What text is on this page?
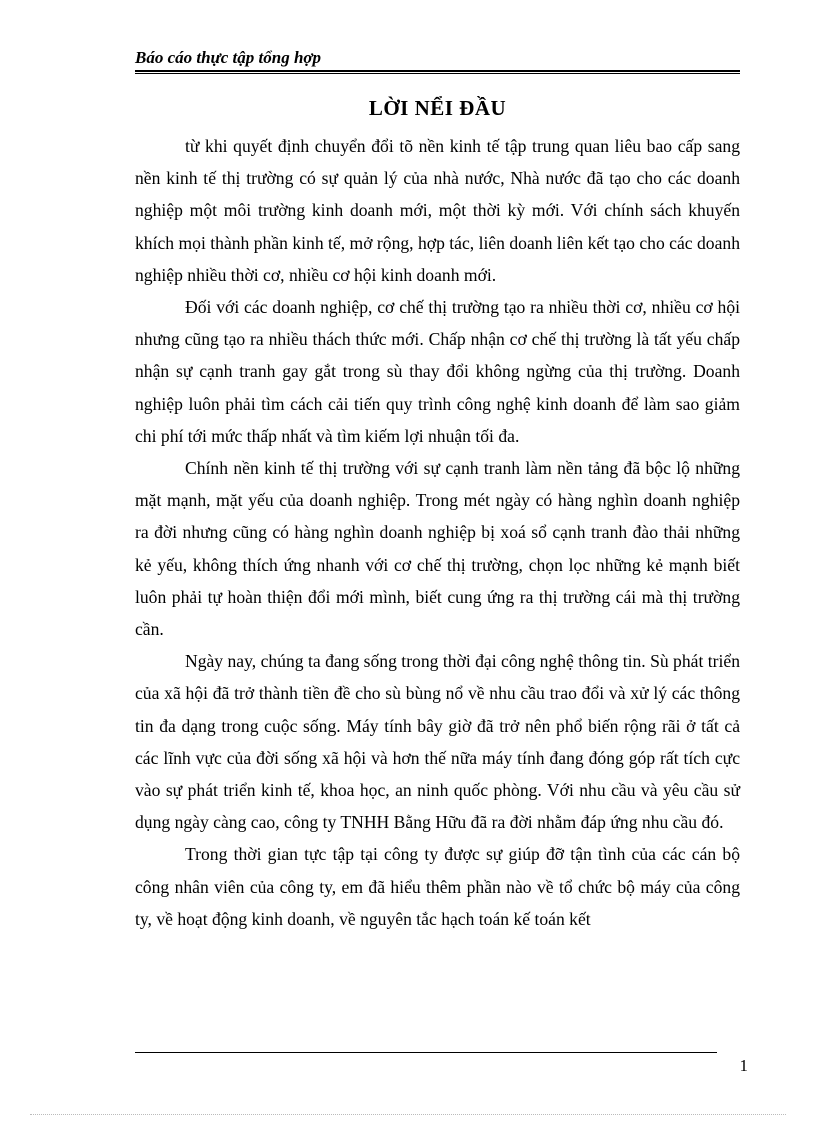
Báo cáo thực tập tổng hợp
LỜI NỂI ĐẦU

từ khi quyết định chuyển đổi tõ nền kinh tế tập trung quan liêu bao cấp sang nền kinh tế thị trường có sự quản lý của nhà nước, Nhà nước đã tạo cho các doanh nghiệp một môi trường kinh doanh mới, một thời kỳ mới. Với chính sách khuyến khích mọi thành phần kinh tế, mở rộng, hợp tác, liên doanh liên kết tạo cho các doanh nghiệp nhiều thời cơ, nhiều cơ hội kinh doanh mới.

Đối với các doanh nghiệp, cơ chế thị trường tạo ra nhiều thời cơ, nhiều cơ hội nhưng cũng tạo ra nhiều thách thức mới. Chấp nhận cơ chế thị trường là tất yếu chấp nhận sự cạnh tranh gay gắt trong sù thay đổi không ngừng của thị trường. Doanh nghiệp luôn phải tìm cách cải tiến quy trình công nghệ kinh doanh để làm sao giảm chi phí tới mức thấp nhất và tìm kiếm lợi nhuận tối đa.

Chính nền kinh tế thị trường với sự cạnh tranh làm nền tảng đã bộc lộ những mặt mạnh, mặt yếu của doanh nghiệp. Trong mét ngày có hàng nghìn doanh nghiệp ra đời nhưng cũng có hàng nghìn doanh nghiệp bị xoá sổ cạnh tranh đào thải những kẻ yếu, không thích ứng nhanh với cơ chế thị trường, chọn lọc những kẻ mạnh biết luôn phải tự hoàn thiện đổi mới mình, biết cung ứng ra thị trường cái mà thị trường cần.

Ngày nay, chúng ta đang sống trong thời đại công nghệ thông tin. Sù phát triển của xã hội đã trở thành tiền đề cho sù bùng nổ về nhu cầu trao đổi và xử lý các thông tin đa dạng trong cuộc sống. Máy tính bây giờ đã trở nên phổ biến rộng rãi ở tất cả các lĩnh vực của đời sống xã hội và hơn thế nữa máy tính đang đóng góp rất tích cực vào sự phát triển kinh tế, khoa học, an ninh quốc phòng. Với nhu cầu và yêu cầu sử dụng ngày càng cao, công ty TNHH Bằng Hữu đã ra đời nhằm đáp ứng nhu cầu đó.

Trong thời gian tực tập tại công ty được sự giúp đỡ tận tình của các cán bộ công nhân viên của công ty, em đã hiểu thêm phần nào về tổ chức bộ máy của công ty, về hoạt động kinh doanh, về nguyên tắc hạch toán kế toán kết

1
